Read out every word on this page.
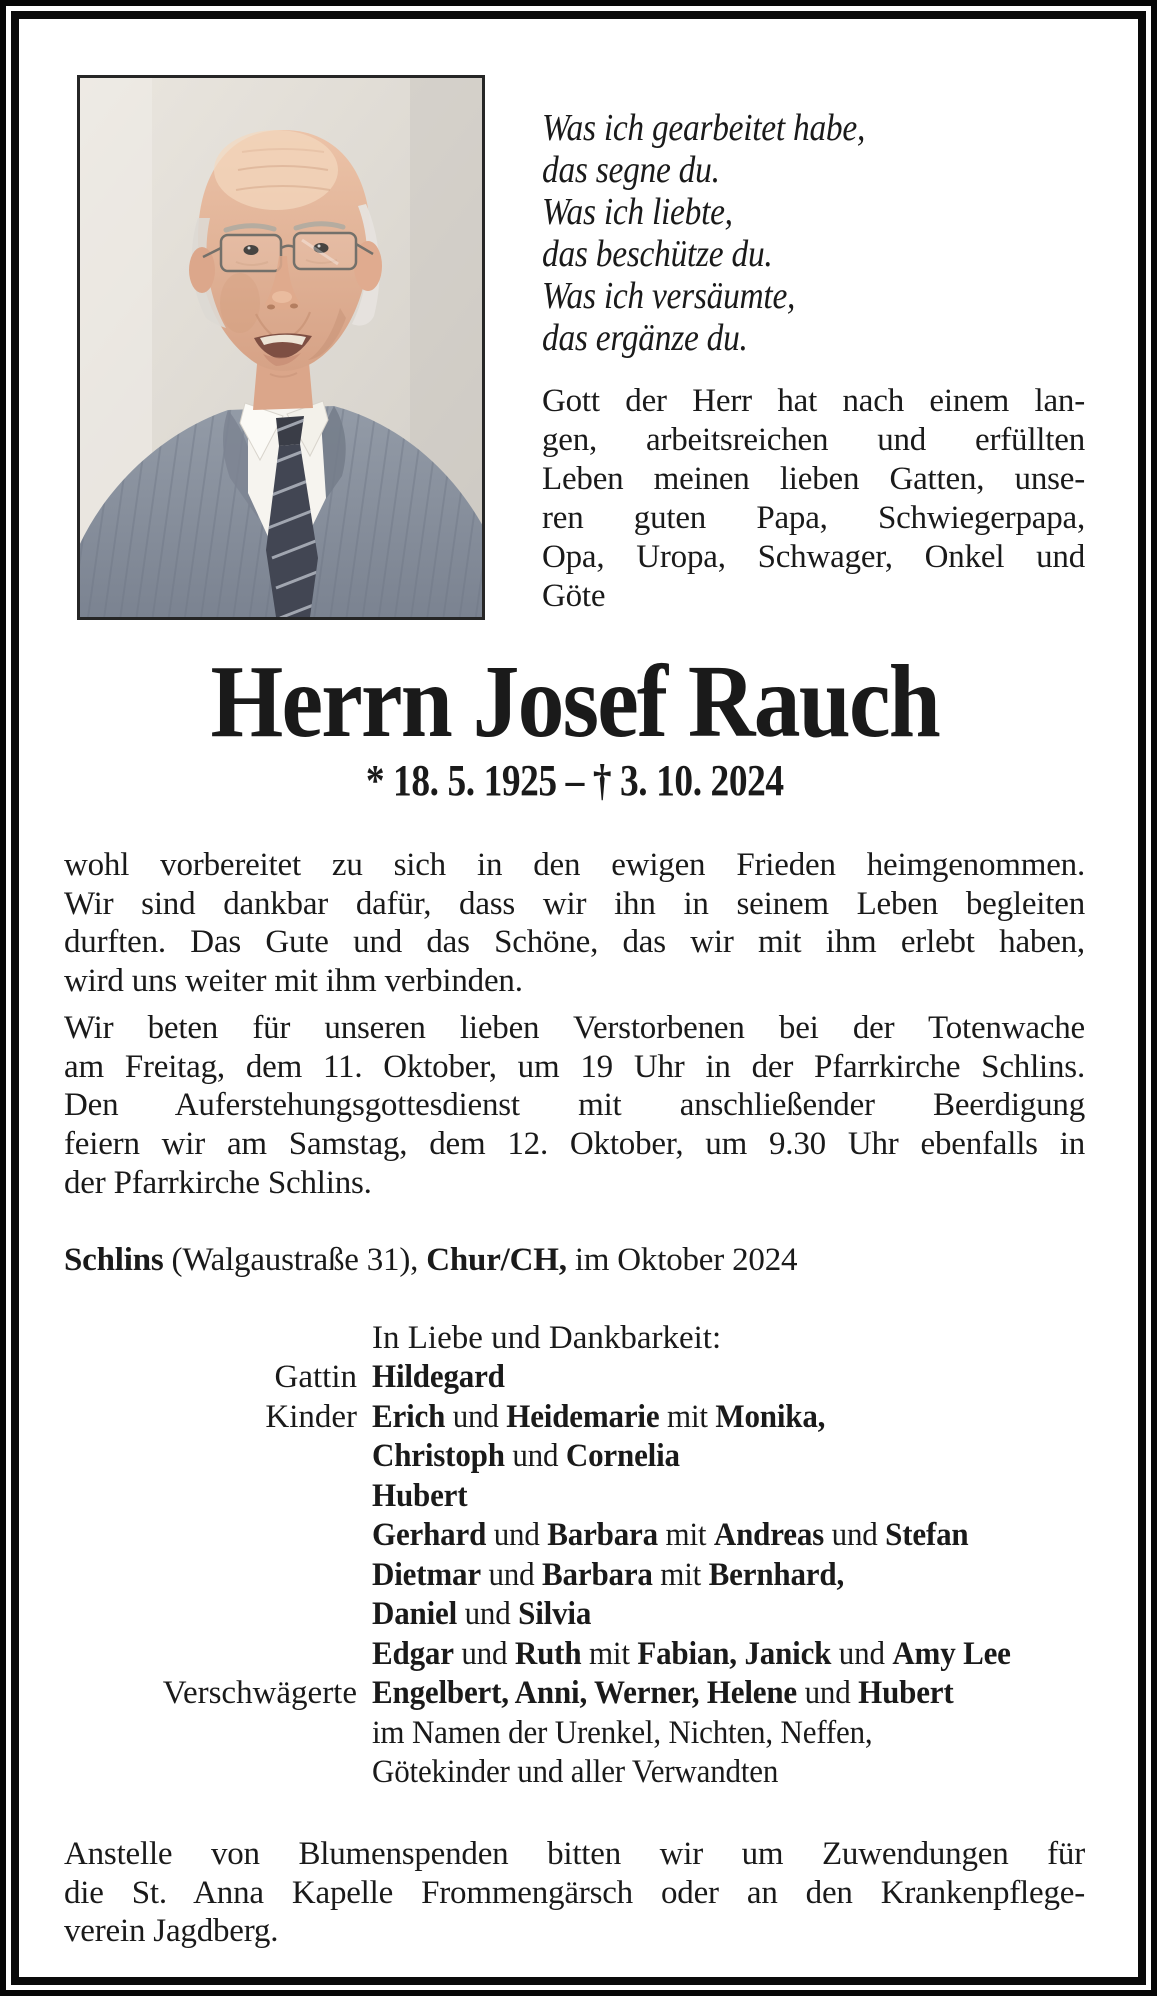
Was ich gearbeitet habe,
das segne du.
Was ich liebte,
das beschütze du.
Was ich versäumte,
das ergänze du.
Gott der Herr hat nach einem lan-
gen, arbeitsreichen und erfüllten
Leben meinen lieben Gatten, unse-
ren guten Papa, Schwiegerpapa,
Opa, Uropa, Schwager, Onkel und
Göte
Herrn Josef Rauch
* 18. 5. 1925 – † 3. 10. 2024
wohl vorbereitet zu sich in den ewigen Frieden heimgenommen.
Wir sind dankbar dafür, dass wir ihn in seinem Leben begleiten
durften. Das Gute und das Schöne, das wir mit ihm erlebt haben,
wird uns weiter mit ihm verbinden.
Wir beten für unseren lieben Verstorbenen bei der Totenwache
am Freitag, dem 11. Oktober, um 19 Uhr in der Pfarrkirche Schlins.
Den Auferstehungsgottesdienst mit anschließender Beerdigung
feiern wir am Samstag, dem 12. Oktober, um 9.30 Uhr ebenfalls in
der Pfarrkirche Schlins.
Schlins (Walgaustraße 31), Chur/CH, im Oktober 2024
In Liebe und Dankbarkeit:
Gattin Hildegard
Kinder Erich und Heidemarie mit Monika,
Christoph und Cornelia
Hubert
Gerhard und Barbara mit Andreas und Stefan
Dietmar und Barbara mit Bernhard,
Daniel und Silvia
Edgar und Ruth mit Fabian, Janick und Amy Lee
Verschwägerte Engelbert, Anni, Werner, Helene und Hubert
im Namen der Urenkel, Nichten, Neffen,
Götekinder und aller Verwandten
Anstelle von Blumenspenden bitten wir um Zuwendungen für
die St. Anna Kapelle Frommengärsch oder an den Krankenpflege-
verein Jagdberg.
